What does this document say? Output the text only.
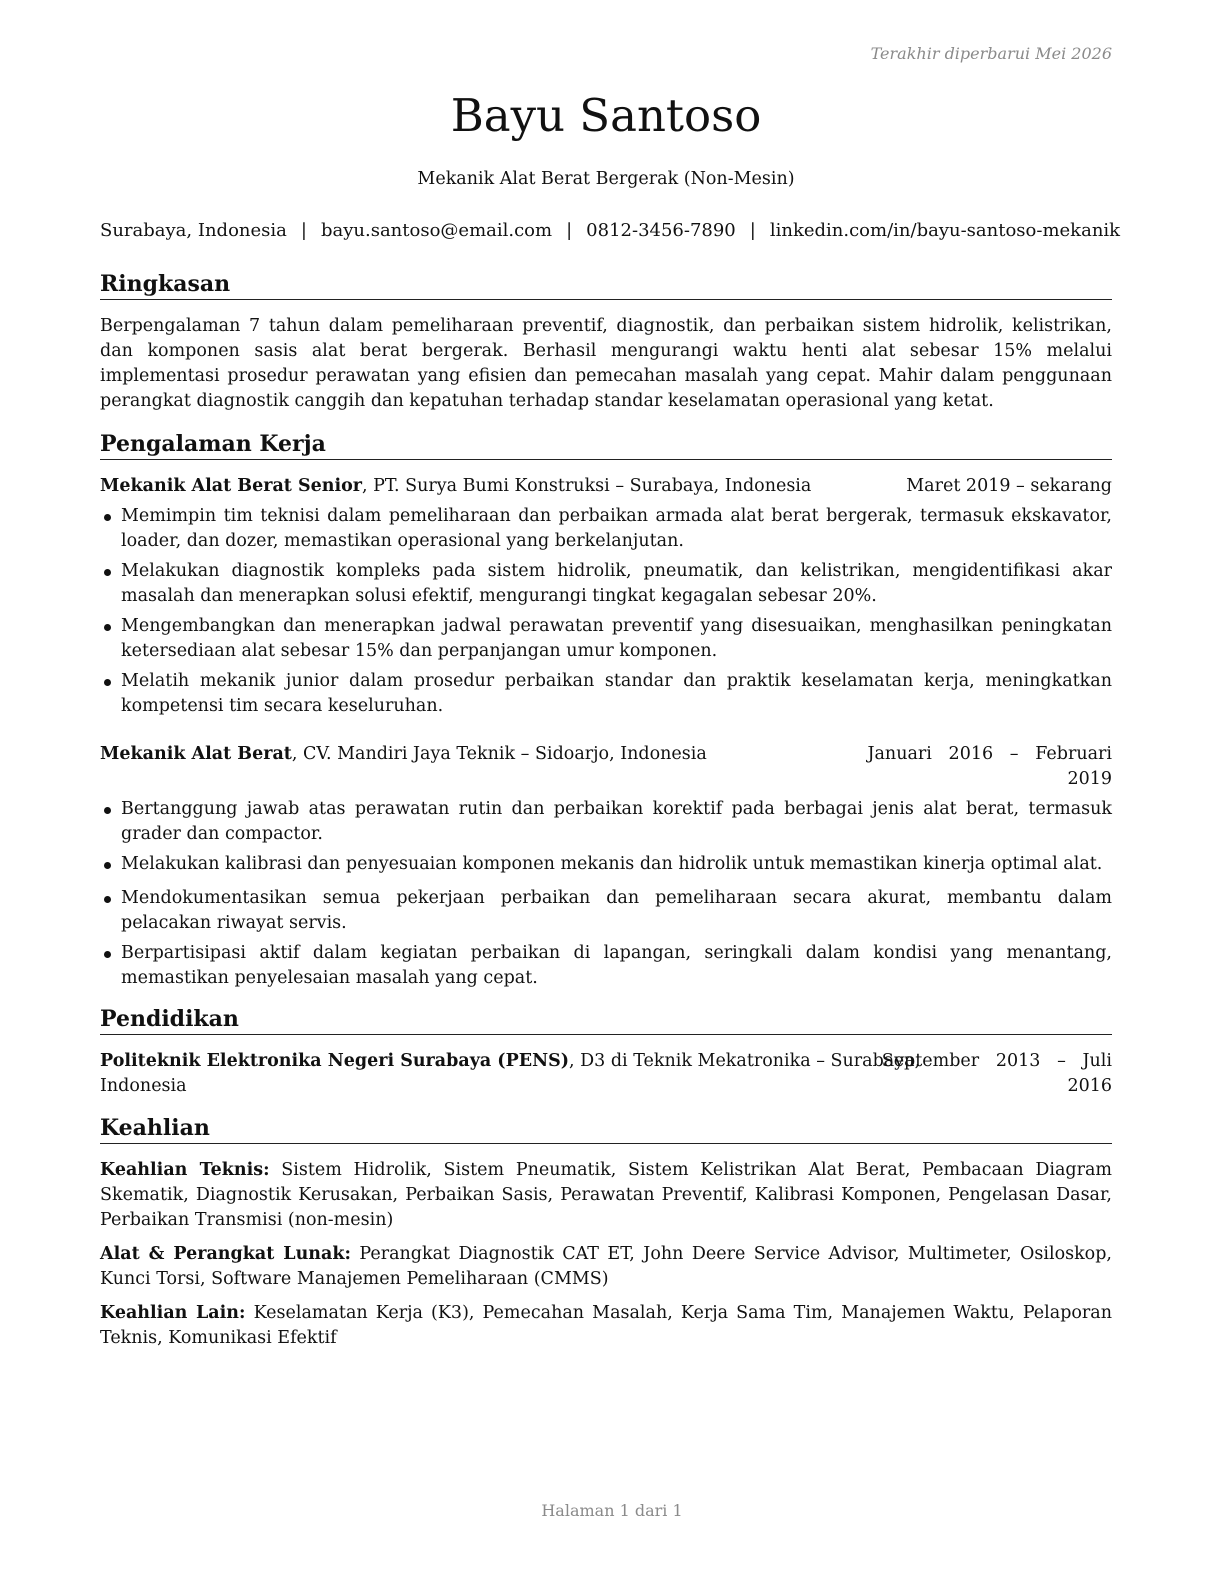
Terakhir diperbarui Mei 2026
Bayu Santoso
Mekanik Alat Berat Bergerak (Non-Mesin)
Surabaya, Indonesia | bayu.santoso@email.com | 0812-3456-7890 | linkedin.com/in/bayu-santoso-mekanik
Ringkasan
Berpengalaman 7 tahun dalam pemeliharaan preventif, diagnostik, dan perbaikan sistem hidrolik, kelistrikan, dan komponen sasis alat berat bergerak. Berhasil mengurangi waktu henti alat sebesar 15% melalui implementasi prosedur perawatan yang efisien dan pemecahan masalah yang cepat. Mahir dalam penggunaan perangkat diagnostik canggih dan kepatuhan terhadap standar keselamatan operasional yang ketat.
Pengalaman Kerja
Mekanik Alat Berat Senior, PT. Surya Bumi Konstruksi – Surabaya, Indonesia	Maret 2019 – sekarang
Memimpin tim teknisi dalam pemeliharaan dan perbaikan armada alat berat bergerak, termasuk ekskavator, loader, dan dozer, memastikan operasional yang berkelanjutan.
Melakukan diagnostik kompleks pada sistem hidrolik, pneumatik, dan kelistrikan, mengidentifikasi akar masalah dan menerapkan solusi efektif, mengurangi tingkat kegagalan sebesar 20%.
Mengembangkan dan menerapkan jadwal perawatan preventif yang disesuaikan, menghasilkan peningkatan ketersediaan alat sebesar 15% dan perpanjangan umur komponen.
Melatih mekanik junior dalam prosedur perbaikan standar dan praktik keselamatan kerja, meningkatkan kompetensi tim secara keseluruhan.
Mekanik Alat Berat, CV. Mandiri Jaya Teknik – Sidoarjo, Indonesia	Januari   2016   –   Februari
2019
Bertanggung jawab atas perawatan rutin dan perbaikan korektif pada berbagai jenis alat berat, termasuk grader dan compactor.
Melakukan kalibrasi dan penyesuaian komponen mekanis dan hidrolik untuk memastikan kinerja optimal alat.
Mendokumentasikan semua pekerjaan perbaikan dan pemeliharaan secara akurat, membantu dalam pelacakan riwayat servis.
Berpartisipasi aktif dalam kegiatan perbaikan di lapangan, seringkali dalam kondisi yang menantang, memastikan penyelesaian masalah yang cepat.
Pendidikan
Politeknik Elektronika Negeri Surabaya (PENS), D3 di Teknik Mekatronika – Surabaya,
Indonesia
September   2013   –   Juli
2016
Keahlian
Keahlian Teknis: Sistem Hidrolik, Sistem Pneumatik, Sistem Kelistrikan Alat Berat, Pembacaan Diagram Skematik, Diagnostik Kerusakan, Perbaikan Sasis, Perawatan Preventif, Kalibrasi Komponen, Pengelasan Dasar, Perbaikan Transmisi (non-mesin)
Alat & Perangkat Lunak: Perangkat Diagnostik CAT ET, John Deere Service Advisor, Multimeter, Osiloskop, Kunci Torsi, Software Manajemen Pemeliharaan (CMMS)
Keahlian Lain: Keselamatan Kerja (K3), Pemecahan Masalah, Kerja Sama Tim, Manajemen Waktu, Pelaporan Teknis, Komunikasi Efektif
Halaman 1 dari 1
